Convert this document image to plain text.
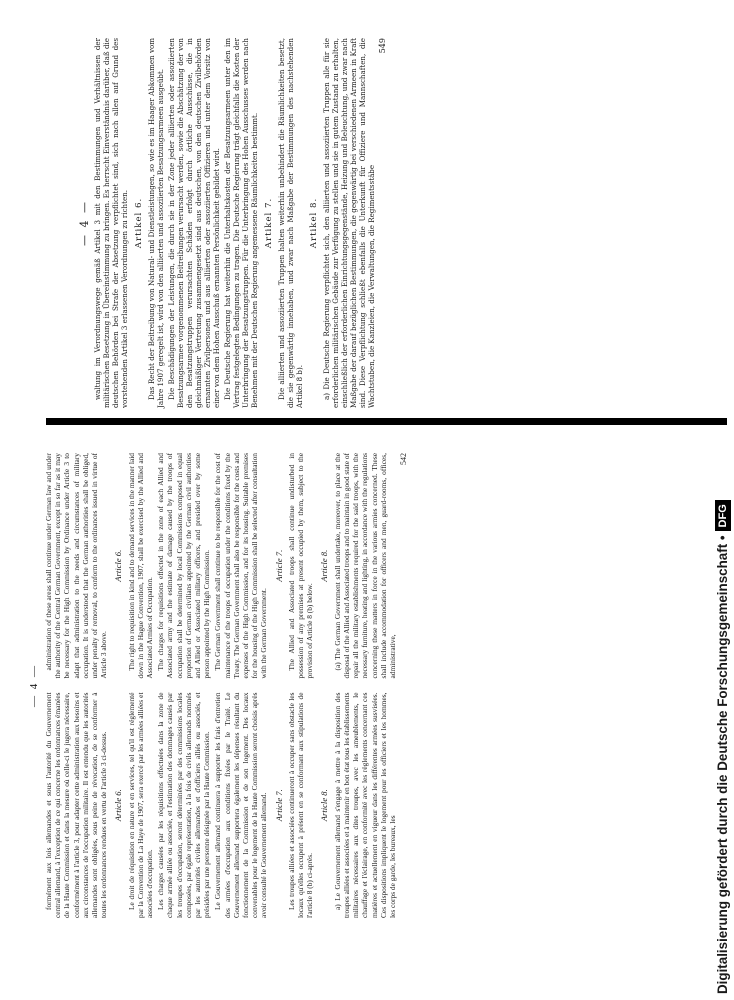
— 4 — waltung im Verordnungswege gemäß Artikel 3 mit den Bestimmungen und Verhältnissen der militärischen Besetzung in Übereinstimmung zu bringen. Es herrscht Einverständnis darüber, daß die deutschen Behörden bei Strafe der Absetzung verpflichtet sind, sich nach allen auf Grund des vorstehenden Artikel 3 erlassenen Verordnungen zu richten. Artikel 6. Das Recht der Beitreibung von Natural- und Dienstleistungen, so wie es im Haager Abkommen vom Jahre 1907 geregelt ist, wird von den alliierten und assoziierten Besatzungsarmeen ausgeübt. Die Beschädigungen der Leistungen, die durch sie in der Zone jeder alliierten oder assoziierten Besatzungsarmee vorgenommenen Beitreibungen verursacht werden, sowie die Abschätzung der von den Besatzungstruppen verursachten Schäden erfolgt durch örtliche Ausschüsse, die in gleichmäßiger Vertretung zusammengesetzt sind aus deutschen, von den deutschen Zivilbehörden ernannten Zivilpersonen und aus alliierten oder assoziierten Offizieren und unter dem Vorsitz von einer von dem Hohen Ausschuß ernannten Persönlichkeit gebildet wird. Die Deutsche Regierung hat weiterhin die Unterhaltskosten der Besatzungsarmeen unter den im Vertrag festgelegten Bedingungen zu tragen. Die Deutsche Regierung trägt gleichfalls die Kosten der Unterbringung der Besatzungstruppen. Für die Unterbringung des Hohen Ausschusses werden nach Benehmen mit der Deutschen Regierung angemessene Räumlichkeiten bestimmt. Artikel 7. Die alliierten und assoziierten Truppen halten weiterhin unbehindert die Räumlichkeiten besetzt, die sie gegenwärtig innehaben, und zwar nach Maßgabe der Bestimmungen des nachstehenden Artikel 8 b).

Artikel 8. a) Die Deutsche Regierung verpflichtet sich, den alliierten und assoziierten Truppen alle für sie erforderlichen militärischen Gebäude zur Verfügung zu stellen und sie in gutem Zustand zu erhalten, einschließlich der erforderlichen Einrichtungsgegenstände, Heizung und Beleuchtung, und zwar nach Maßgabe der darauf bezüglichen Bestimmungen, die gegenwärtig bei verschiedenen Armeen in Kraft sind. Diese Verpflichtung schließt ebenfalls die Unterkunft für Offiziere und Mannschaften, die Wachtstuben, die Kanzleien, die Verwaltungen, die Regimentsstäbe

549
— 4 —

formément aux lois allemandes et sous l'autorité du Gouvernement central allemand, à l'exception de ce qui concerne les ordonnances émanées de la Haute Commission et dans la mesure où celle-ci le jugera nécessaire, conformément à l'article 3, pour adapter cette administration aux besoins et aux circonstances de l'occupation militaire. Il est entendu que les autorités allemandes sont obligées, sous peine de révocation, de se conformer à toutes les ordonnances rendues en vertu de l'article 3 ci-dessus. Article 6. Le droit de réquisition en nature et en services, tel qu'il est réglementé par la Convention de La Haye de 1907, sera exercé par les armées alliées et associées d'occupation. Les charges causées par les réquisitions effectuées dans la zone de chaque armée alliée ou associée, et l'estimation des dommages causés par les troupes d'occupation, seront déterminées par des commissions locales composées, par égale représentation, à la fois de civils allemands nommés par les autorités civiles allemandes et d'officiers alliés ou associés, et présidées par une personne désignée par la Haute Commission. Le Gouvernement allemand continuera à supporter les frais d'entretien des armées d'occupation aux conditions fixées par le Traité. Le Gouvernement allemand supportera également les dépenses résultant du fonctionnement de la Commission et de son logement. Des locaux convenables pour le logement de la Haute Commission seront choisis après avoir consulté le Gouvernement allemand. Article 7. Les troupes alliées et associées continueront à occuper sans obstacle les locaux qu'elles occupent à présent en se conformant aux stipulations de l'article 8 (b) ci-après.

Article 8. a) Le Gouvernement allemand s'engage à mettre à la disposition des troupes alliées et associées et à maintenir en bon état tous les établissements militaires nécessaires aux dites troupes, avec les ameublements, le chauffage et l'éclairage, en conformité avec les règlements concernant ces matières et actuellement en vigueur dans les différentes armées susvisées. Ces dispositions impliquent le logement pour les officiers et les hommes, les corps de garde, les bureaux, les

administration of these areas shall continue under German law and under the authority of the Central German Government, except in so far as it may be necessary for the High Commission by Ordinance under Article 3 to adapt that administration to the needs and circumstances of military occupation. It is understood that the German authorities shall be obliged, under penalty of removal, to conform to the ordinances issued in virtue of Article 3 above.

Article 6. The right to requisition in kind and to demand services in the manner laid down in the Hague Convention, 1907, shall be exercised by the Allied and Associated Armies of Occupation. The charges for requisitions effected in the zone of each Allied and Associated army and the estimate of damage caused by the troops of occupation shall be determined by local Commissions composed in equal proportion of German civilians appointed by the German civil authorities and Allied or Associated military officers, and presided over by some person appointed by the High Commission. The German Government shall continue to be responsible for the cost of maintenance of the troops of occupation under the conditions fixed by the Treaty. The German Government shall also be responsible for the costs and expenses of the High Commission, and for its housing. Suitable premises for the housing of the High Commission shall be selected after consultation with the German Government.

Article 7. The Allied and Associated troops shall continue undisturbed in possession of any premises at present occupied by them, subject to the provision of Article 8 (b) below.

Article 8. (a) The German Government shall undertake, moreover, to place at the disposal of the Allied and Associated troops and to maintain in good state of repair all the military establishments required for the said troops, with the necessary furniture, heating and lighting, in accordance with the regulations concerning these matters in force in the various armies concerned. These shall include accommodation for officers and men, guard-rooms, offices, administrative,

542
Digitalisierung gefördert durch die Deutsche Forschungsgemeinschaft •DFG
